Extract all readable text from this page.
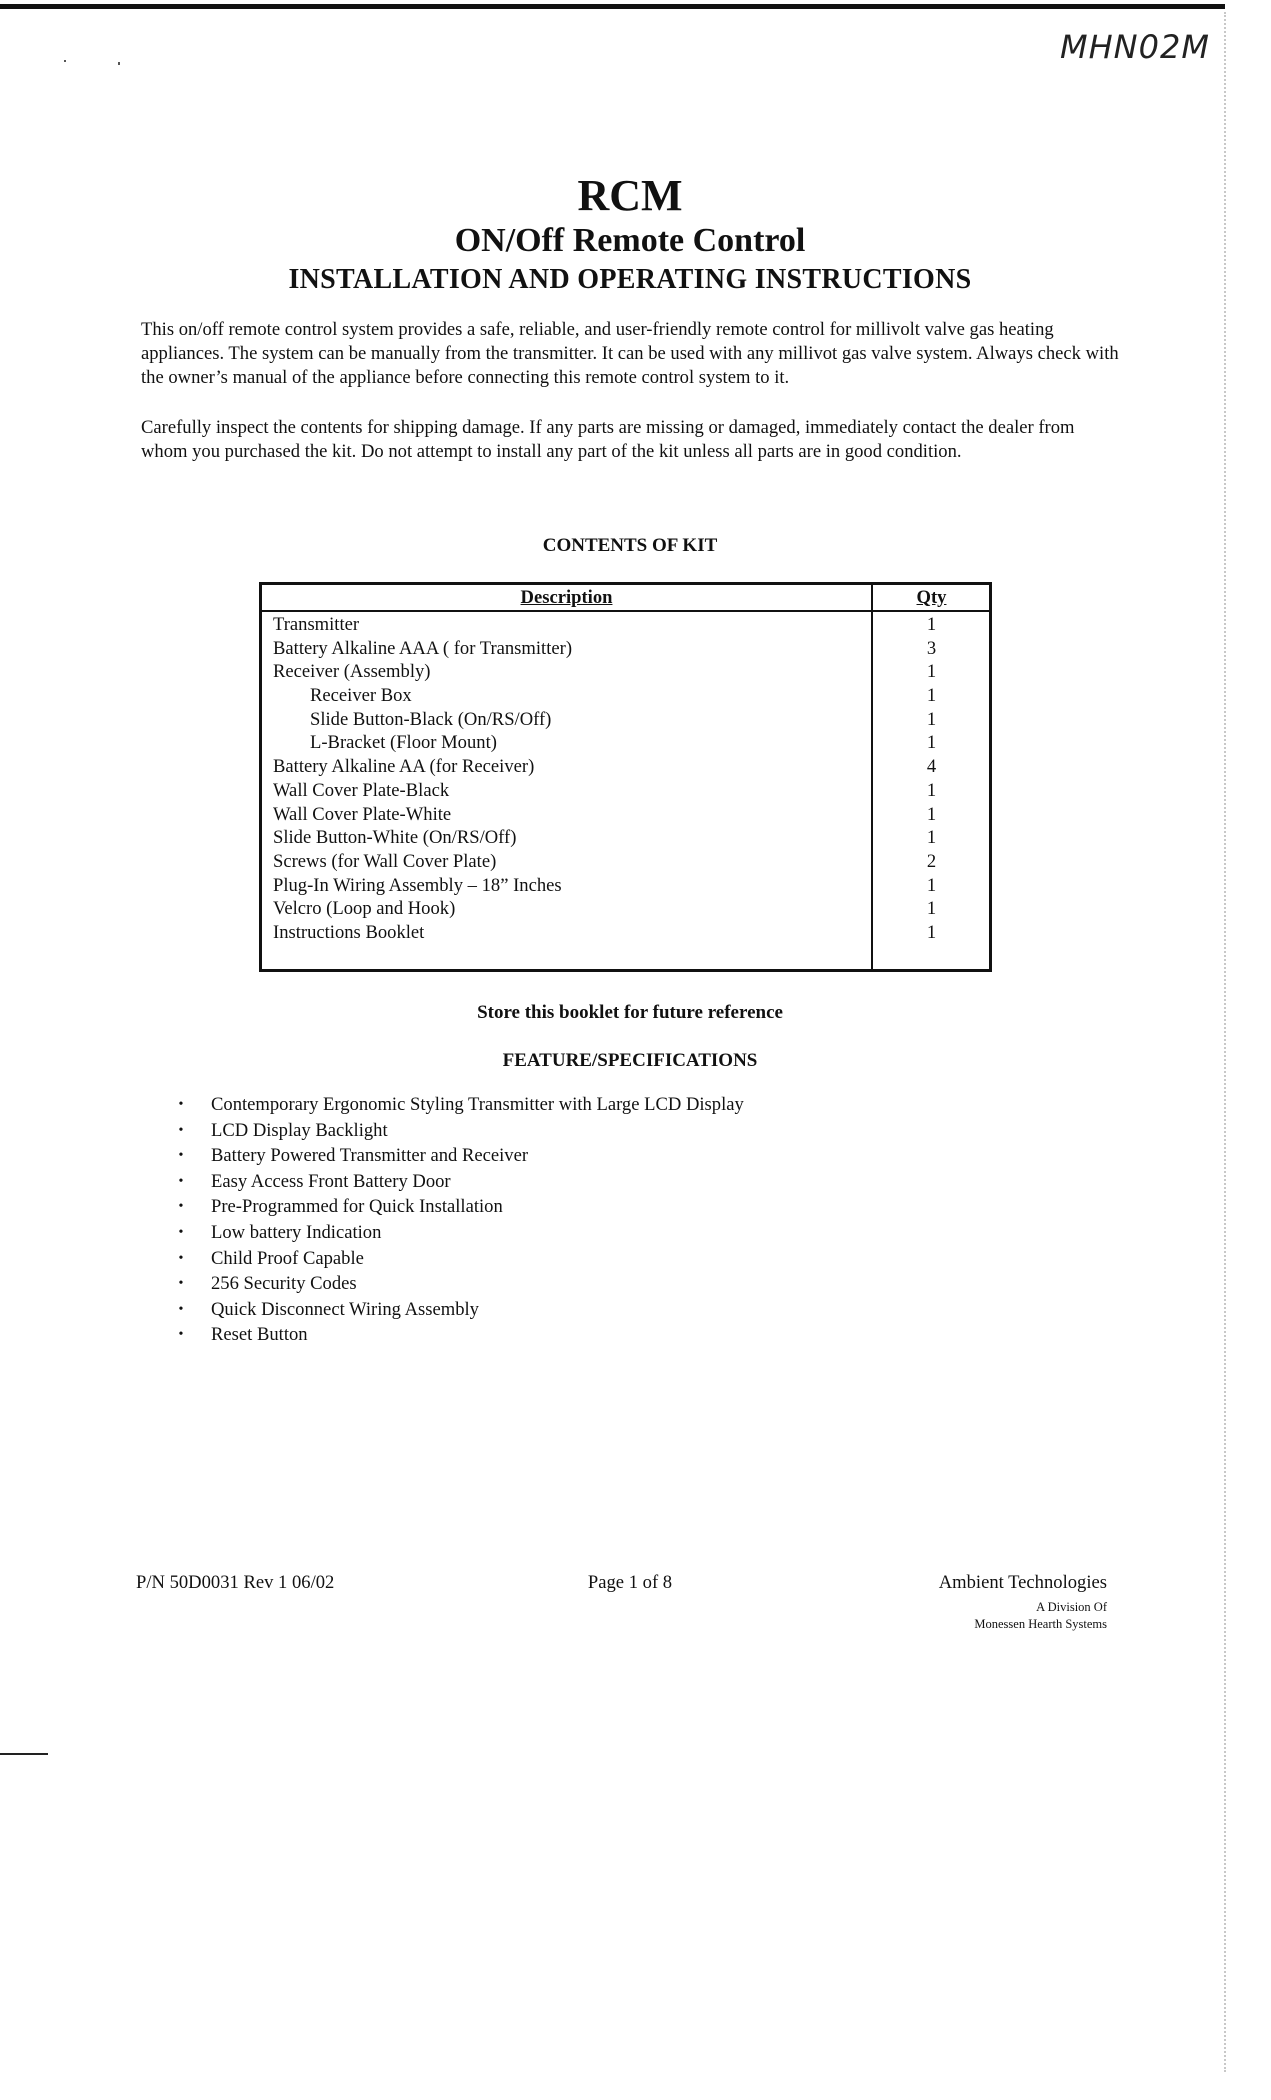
MHN02M
RCM
ON/Off Remote Control
INSTALLATION AND OPERATING INSTRUCTIONS
This on/off remote control system provides a safe, reliable, and user-friendly remote control for millivolt valve gas heating appliances. The system can be manually from the transmitter. It can be used with any millivot gas valve system. Always check with the owner’s manual of the appliance before connecting this remote control system to it.
Carefully inspect the contents for shipping damage. If any parts are missing or damaged, immediately contact the dealer from whom you purchased the kit. Do not attempt to install any part of the kit unless all parts are in good condition.
CONTENTS OF KIT
Description	Qty
Transmitter	1
Battery Alkaline AAA ( for Transmitter)	3
Receiver (Assembly)	1
Receiver Box	1
Slide Button-Black (On/RS/Off)	1
L-Bracket (Floor Mount)	1
Battery Alkaline AA (for Receiver)	4
Wall Cover Plate-Black	1
Wall Cover Plate-White	1
Slide Button-White (On/RS/Off)	1
Screws (for Wall Cover Plate)	2
Plug-In Wiring Assembly – 18” Inches	1
Velcro (Loop and Hook)	1
Instructions Booklet	1
Store this booklet for future reference
FEATURE/SPECIFICATIONS
•	Contemporary Ergonomic Styling Transmitter with Large LCD Display
•	LCD Display Backlight
•	Battery Powered Transmitter and Receiver
•	Easy Access Front Battery Door
•	Pre-Programmed for Quick Installation
•	Low battery Indication
•	Child Proof Capable
•	256 Security Codes
•	Quick Disconnect Wiring Assembly
•	Reset Button
P/N 50D0031 Rev 1 06/02	Page 1 of 8	Ambient Technologies
A Division Of
Monessen Hearth Systems
